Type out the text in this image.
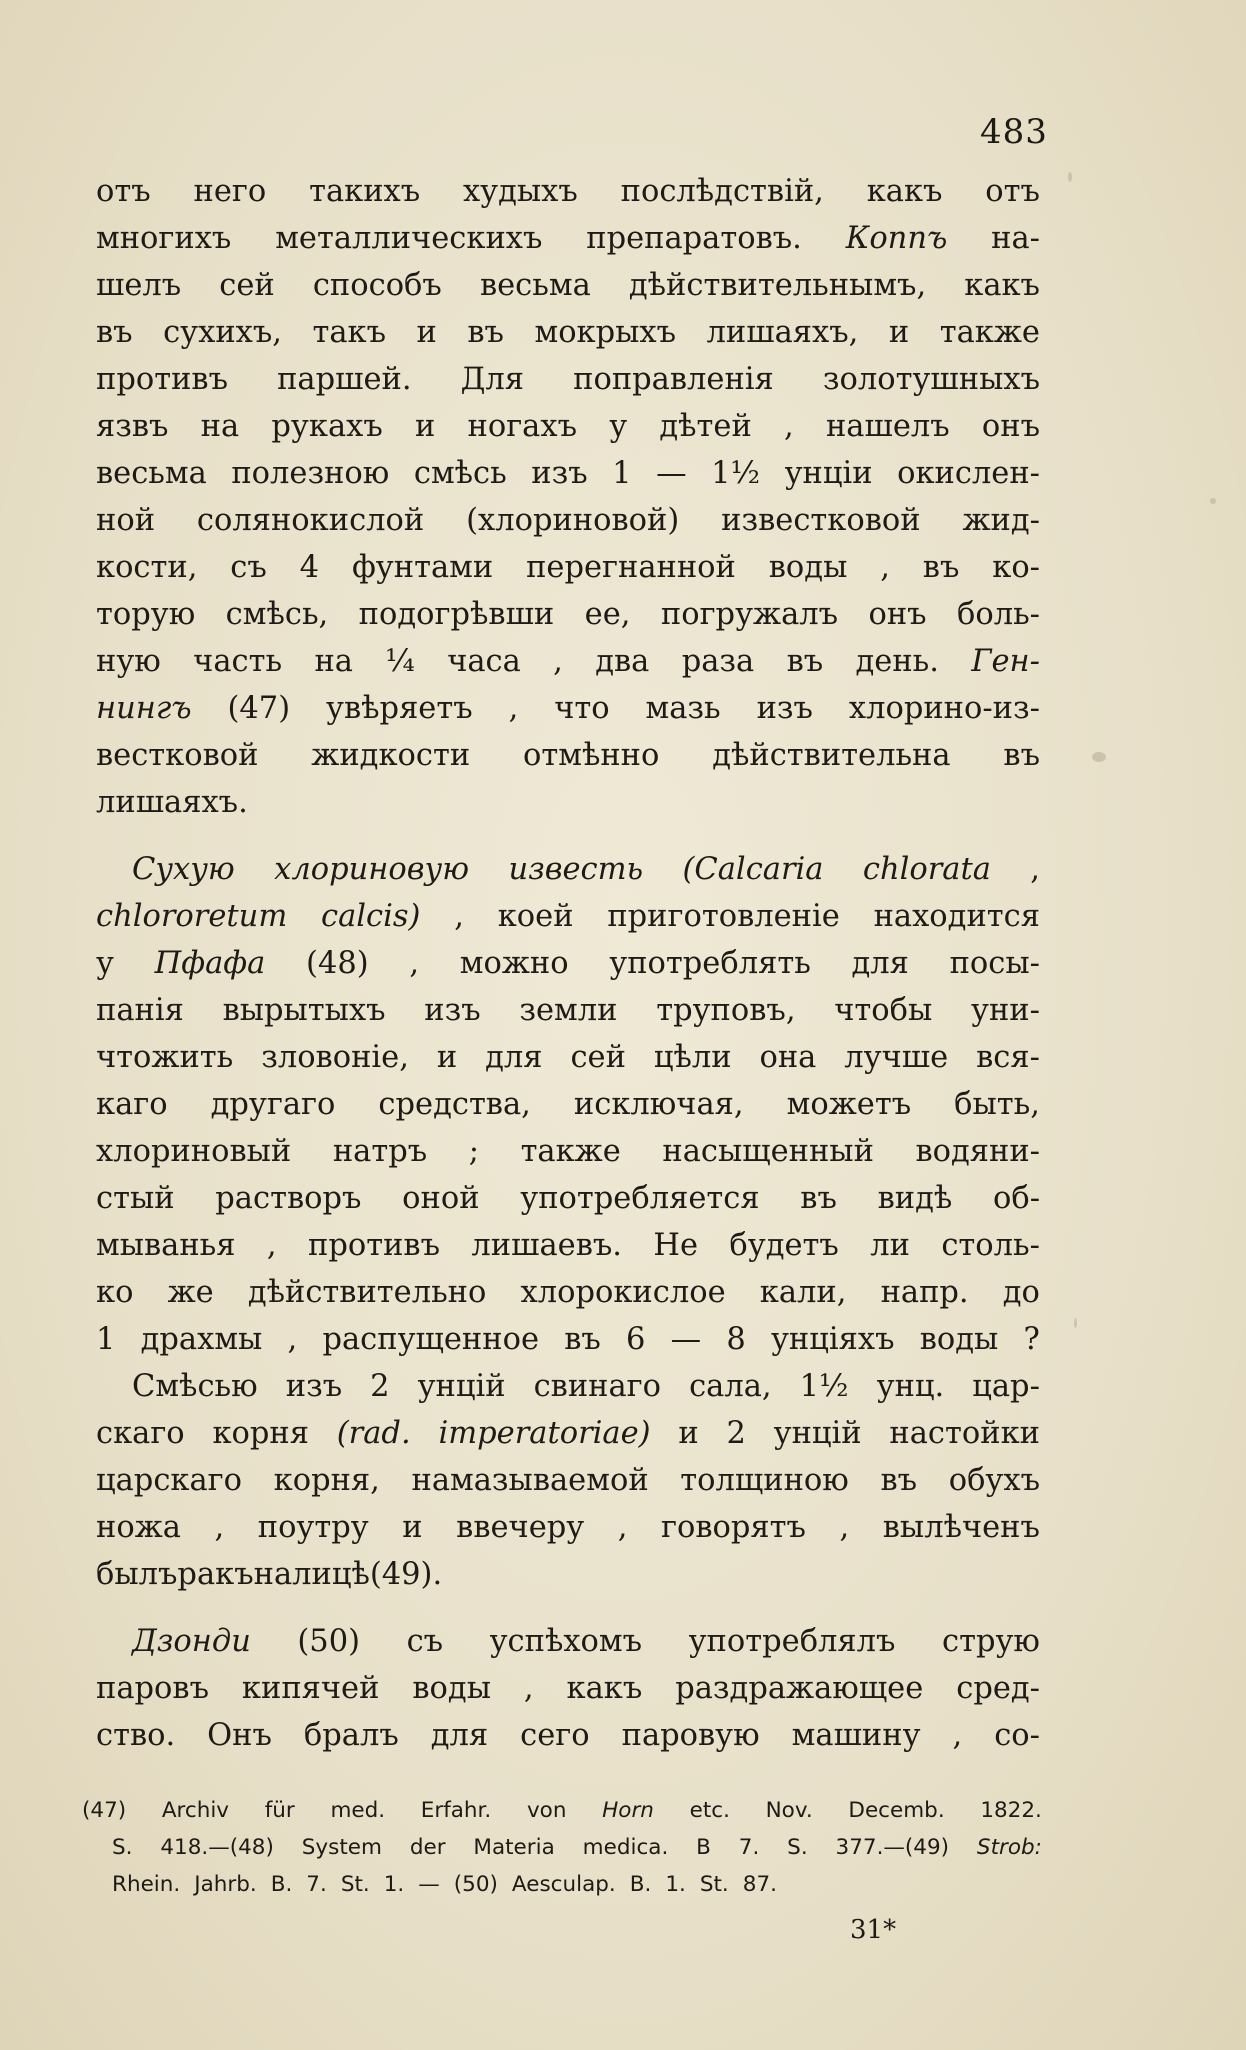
483
отъ него такихъ худыхъ послѣдствій, какъ отъ
многихъ металлическихъ препаратовъ. Коппъ на-
шелъ сей способъ весьма дѣйствительнымъ, какъ
въ сухихъ, такъ и въ мокрыхъ лишаяхъ, и также
противъ паршей. Для поправленія золотушныхъ
язвъ на рукахъ и ногахъ у дѣтей , нашелъ онъ
весьма полезною смѣсь изъ 1 — 1½ унціи окислен-
ной солянокислой (хлориновой) известковой жид-
кости, съ 4 фунтами перегнанной воды , въ ко-
торую смѣсь, подогрѣвши ее, погружалъ онъ боль-
ную часть на ¼ часа , два раза въ день. Ген-
нингъ (47) увѣряетъ , что мазь изъ хлорино-из-
вестковой жидкости отмѣнно дѣйствительна въ
лишаяхъ.
Сухую хлориновую известь (Calcaria chlorata ,
chlororetum calcis) , коей приготовленіе находится
у Пфафа (48) , можно употреблять для посы-
панія вырытыхъ изъ земли труповъ, чтобы уни-
чтожить зловоніе, и для сей цѣли она лучше вся-
каго другаго средства, исключая, можетъ быть,
хлориновый натръ ; также насыщенный водяни-
стый растворъ оной употребляется въ видѣ об-
мыванья , противъ лишаевъ. Не будетъ ли столь-
ко же дѣйствительно хлорокислое кали, напр. до
1 драхмы , распущенное въ 6 — 8 унціяхъ воды ?
Смѣсью изъ 2 унцій свинаго сала, 1½ унц. цар-
скаго корня (rad. imperatoriae) и 2 унцій настойки
царскаго корня, намазываемой толщиною въ обухъ
ножа , поутру и ввечеру , говорятъ , вылѣченъ
былъ ракъ на лицѣ (49).
Дзонди (50) съ успѣхомъ употреблялъ струю
паровъ кипячей воды , какъ раздражающее сред-
ство. Онъ бралъ для сего паровую машину , со-
(47) Archiv für med. Erfahr. von Horn etc. Nov. Decemb. 1822.
S. 418.—(48) System der Materia medica. B 7. S. 377.—(49) Strob:
Rhein. Jahrb. B. 7. St. 1. — (50) Aesculap. B. 1. St. 87.
31*
